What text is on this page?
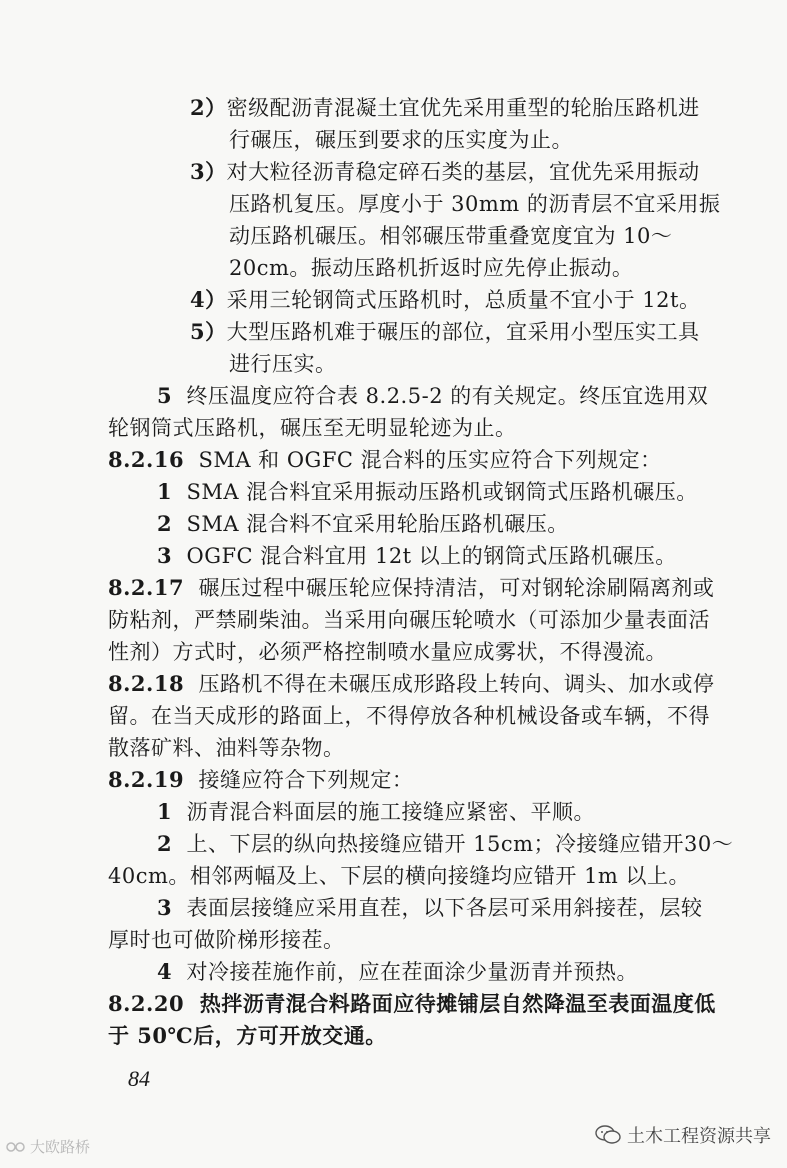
2）密级配沥青混凝土宜优先采用重型的轮胎压路机进
行碾压，碾压到要求的压实度为止。
3）对大粒径沥青稳定碎石类的基层，宜优先采用振动
压路机复压。厚度小于 30mm 的沥青层不宜采用振
动压路机碾压。相邻碾压带重叠宽度宜为 10～
20cm。振动压路机折返时应先停止振动。
4）采用三轮钢筒式压路机时，总质量不宜小于 12t。
5）大型压路机难于碾压的部位，宜采用小型压实工具
进行压实。
5 终压温度应符合表 8.2.5-2 的有关规定。终压宜选用双
轮钢筒式压路机，碾压至无明显轮迹为止。
8.2.16 SMA 和 OGFC 混合料的压实应符合下列规定：
1 SMA 混合料宜采用振动压路机或钢筒式压路机碾压。
2 SMA 混合料不宜采用轮胎压路机碾压。
3 OGFC 混合料宜用 12t 以上的钢筒式压路机碾压。
8.2.17 碾压过程中碾压轮应保持清洁，可对钢轮涂刷隔离剂或
防粘剂，严禁刷柴油。当采用向碾压轮喷水（可添加少量表面活
性剂）方式时，必须严格控制喷水量应成雾状，不得漫流。
8.2.18 压路机不得在未碾压成形路段上转向、调头、加水或停
留。在当天成形的路面上，不得停放各种机械设备或车辆，不得
散落矿料、油料等杂物。
8.2.19 接缝应符合下列规定：
1 沥青混合料面层的施工接缝应紧密、平顺。
2 上、下层的纵向热接缝应错开 15cm；冷接缝应错开30～
40cm。相邻两幅及上、下层的横向接缝均应错开 1m 以上。
3 表面层接缝应采用直茬，以下各层可采用斜接茬，层较
厚时也可做阶梯形接茬。
4 对冷接茬施作前，应在茬面涂少量沥青并预热。
8.2.20 热拌沥青混合料路面应待摊铺层自然降温至表面温度低
于 50℃后，方可开放交通。
84
大欧路桥	土木工程资源共享
